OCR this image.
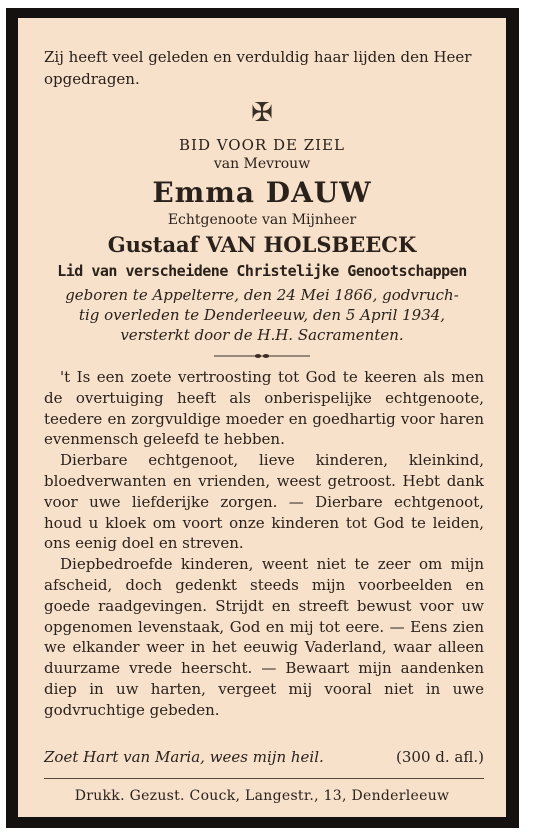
Zij heeft veel geleden en verduldig haar lijden den Heer opgedragen.
✠
BID VOOR DE ZIEL
van Mevrouw
Emma DAUW
Echtgenoote van Mijnheer
Gustaaf VAN HOLSBEECK
Lid van verscheidene Christelijke Genootschappen
geboren te Appelterre, den 24 Mei 1866, godvruch-
tig overleden te Denderleeuw, den 5 April 1934,
versterkt door de H.H. Sacramenten.

't Is een zoete vertroosting tot God te keeren als men de overtuiging heeft als onberispelijke echtgenoote, teedere en zorgvuldige moeder en goedhartig voor haren evenmensch geleefd te hebben.

Dierbare echtgenoot, lieve kinderen, kleinkind, bloedverwanten en vrienden, weest getroost. Hebt dank voor uwe liefderijke zorgen. — Dierbare echtgenoot, houd u kloek om voort onze kinderen tot God te leiden, ons eenig doel en streven.

Diepbedroefde kinderen, weent niet te zeer om mijn afscheid, doch gedenkt steeds mijn voorbeelden en goede raadgevingen. Strijdt en streeft bewust voor uw opgenomen levenstaak, God en mij tot eere. — Eens zien we elkander weer in het eeuwig Vaderland, waar alleen duurzame vrede heerscht. — Bewaart mijn aandenken diep in uw harten, vergeet mij vooral niet in uwe godvruchtige gebeden.

Zoet Hart van Maria, wees mijn heil.	(300 d. afl.)
Drukk. Gezust. Couck, Langestr., 13, Denderleeuw
